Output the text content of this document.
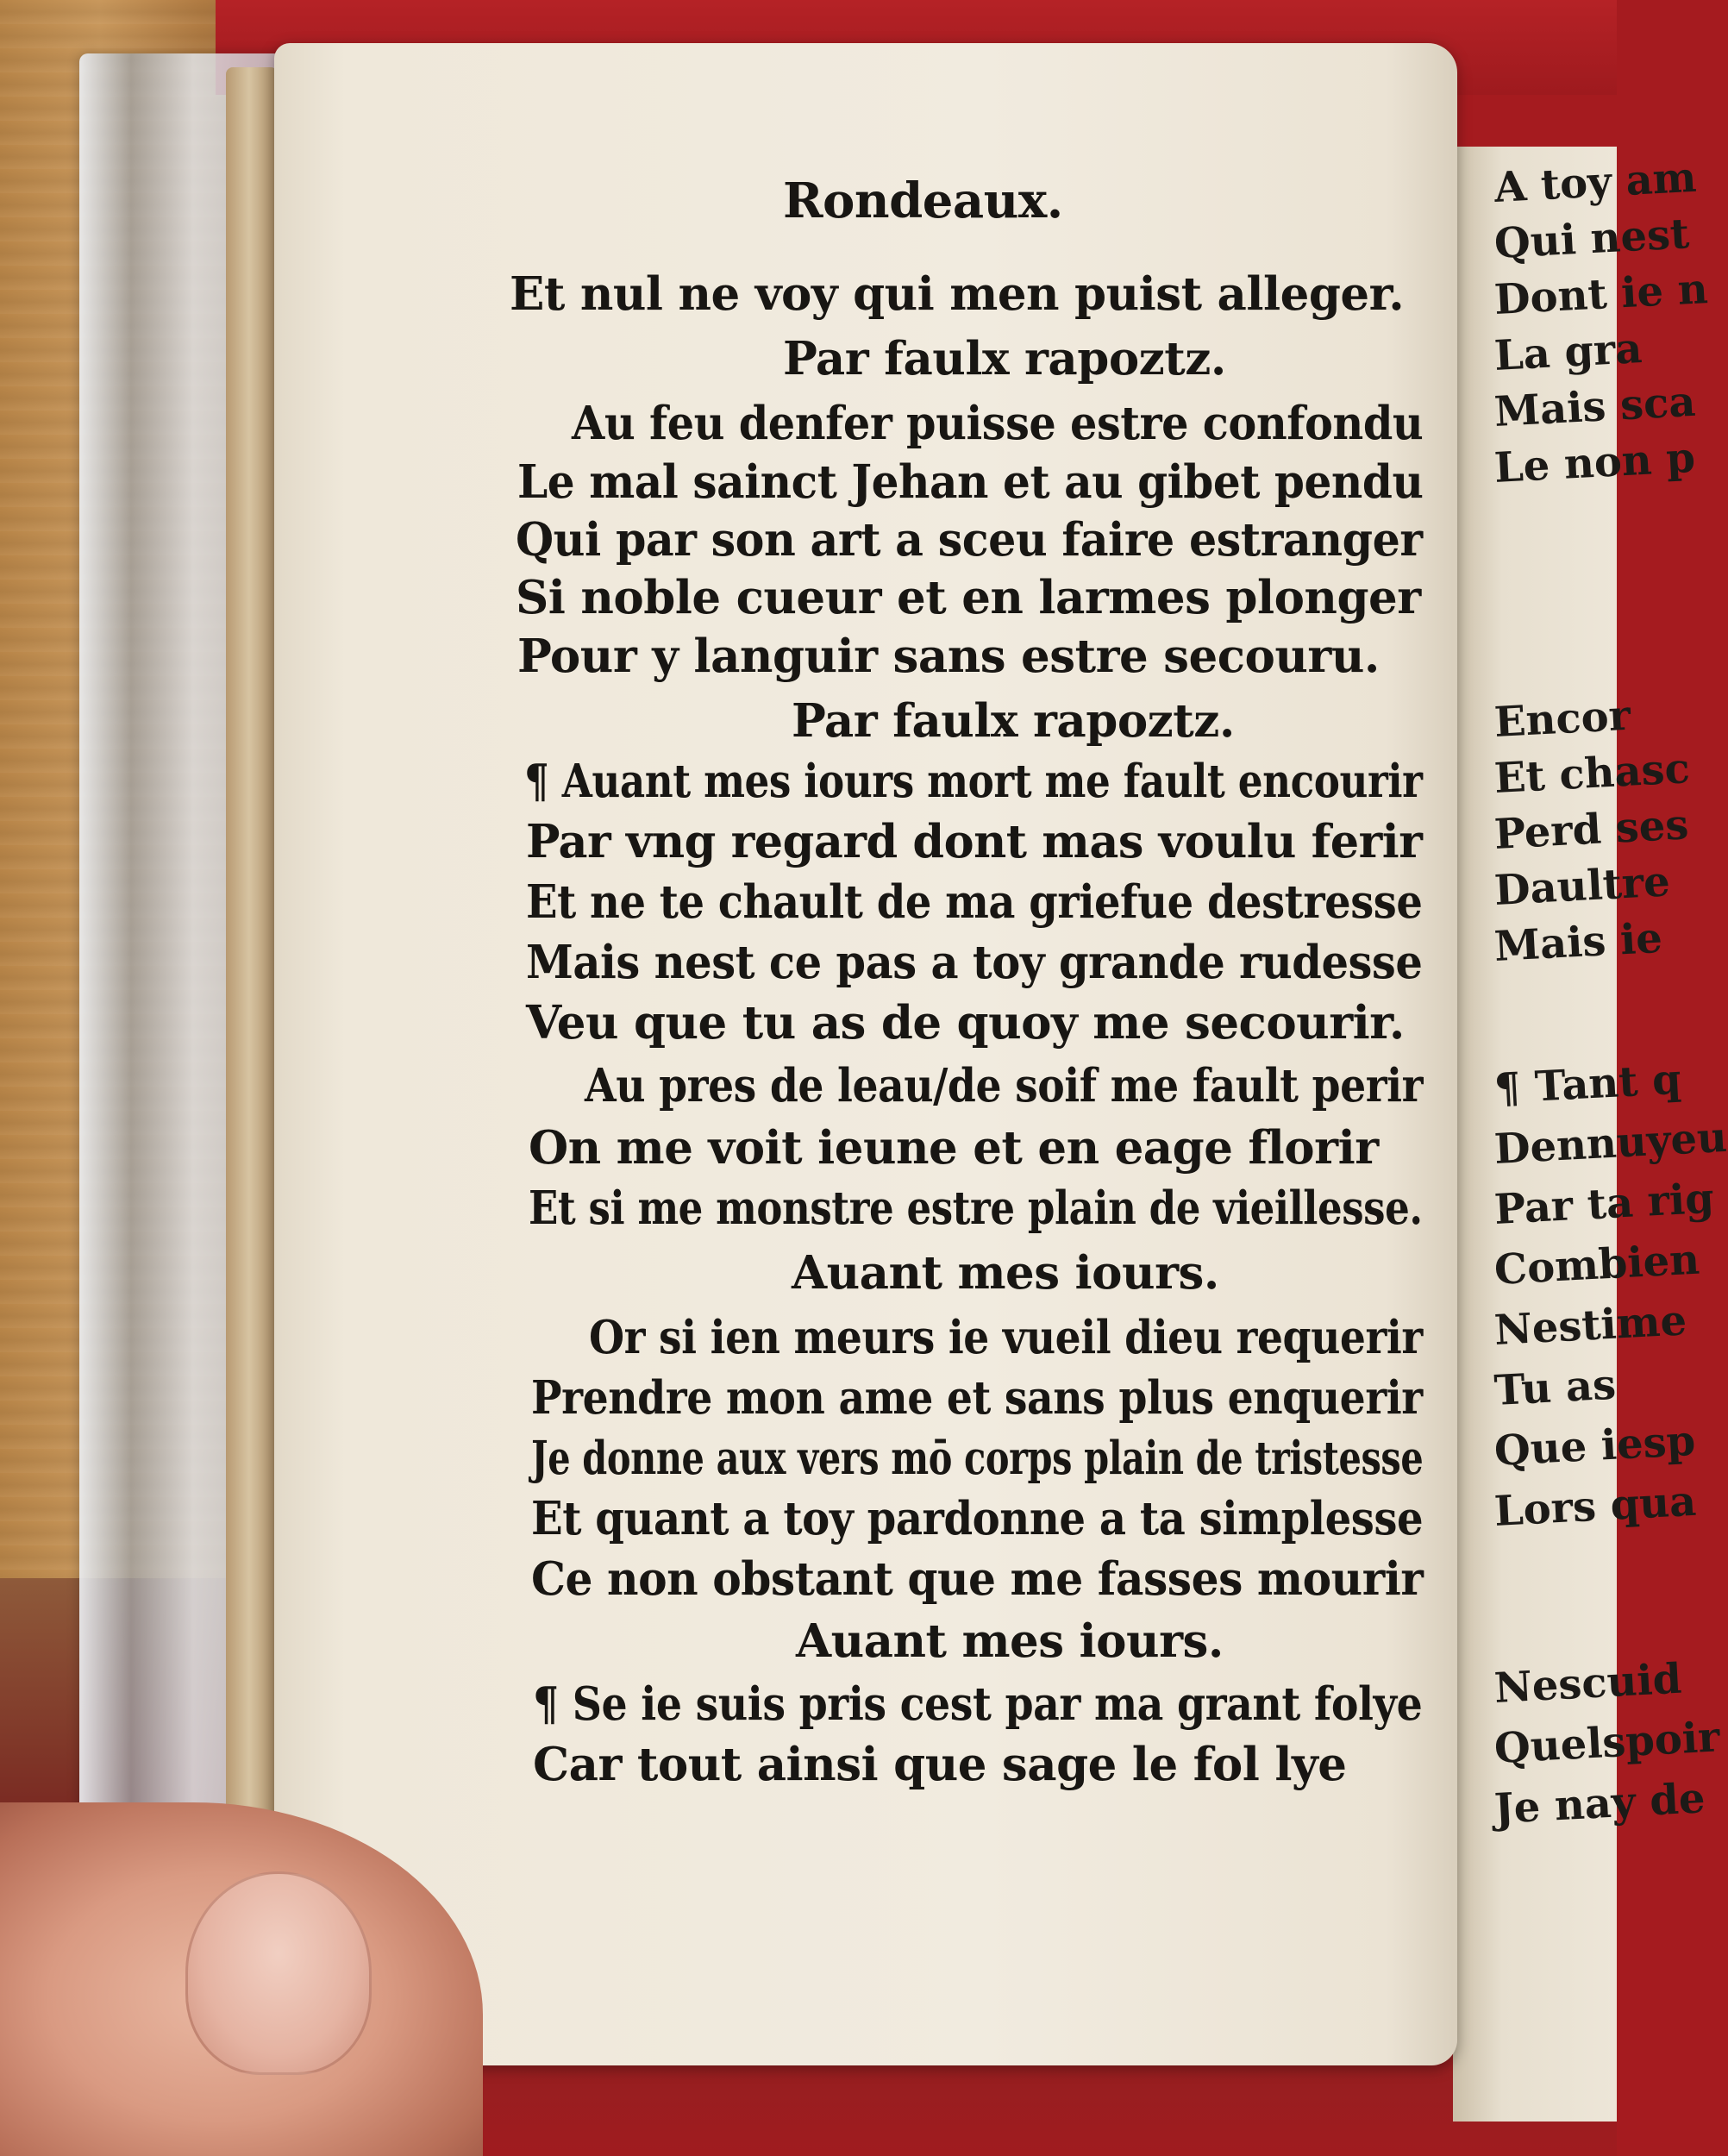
A toy am
Qui nest
Dont ie n
La gra
Mais sca
Le non p
Encor
Et chasc
Perd ses
Daultre
Mais ie
¶ Tant q
Dennuyeu
Par ta rig
Combien
Nestime
Tu as
Que iesp
Lors qua
Nescuid
Quelspoir
Je nay de
Rondeaux.
Et nul ne voy qui men puist alleger.
Par faulx rapoztz.
Au feu denfer puisse estre confondu
Le mal sainct Jehan et au gibet pendu
Qui par son art a sceu faire estranger
Si noble cueur et en larmes plonger
Pour y languir sans estre secouru.
Par faulx rapoztz.
¶ Auant mes iours mort me fault encourir
Par vng regard dont mas voulu ferir
Et ne te chault de ma griefue destresse
Mais nest ce pas a toy grande rudesse
Veu que tu as de quoy me secourir.
Au pres de leau/de soif me fault perir
On me voit ieune et en eage florir
Et si me monstre estre plain de vieillesse.
Auant mes iours.
Or si ien meurs ie vueil dieu requerir
Prendre mon ame et sans plus enquerir
Je donne aux vers mō corps plain de tristesse
Et quant a toy pardonne a ta simplesse
Ce non obstant que me fasses mourir
Auant mes iours.
¶ Se ie suis pris cest par ma grant folye
Car tout ainsi que sage le fol lye
